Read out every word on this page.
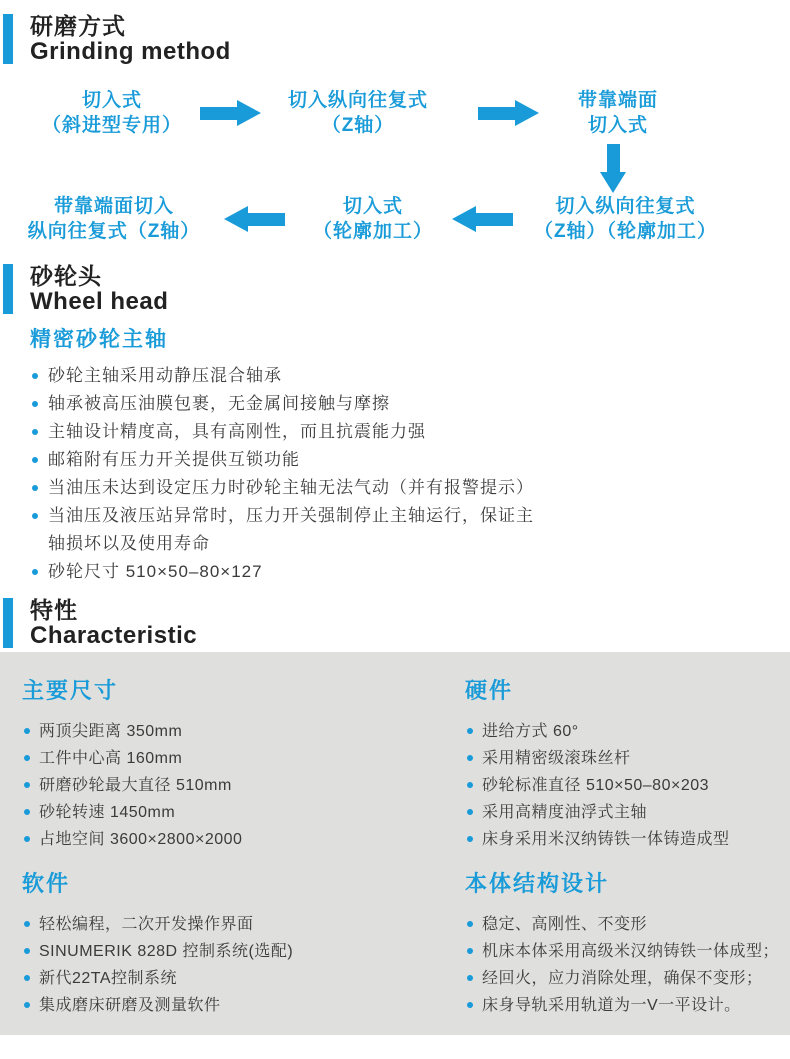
研磨方式
Grinding method
切入式
（斜进型专用）
切入纵向往复式
（Z轴）
带靠端面
切入式
带靠端面切入
纵向往复式（Z轴）
切入式
（轮廓加工）
切入纵向往复式
（Z轴）（轮廓加工）
砂轮头
Wheel head
精密砂轮主轴
砂轮主轴采用动静压混合轴承
轴承被高压油膜包裹，无金属间接触与摩擦
主轴设计精度高，具有高刚性，而且抗震能力强
邮箱附有压力开关提供互锁功能
当油压未达到设定压力时砂轮主轴无法气动（并有报警提示）
当油压及液压站异常时，压力开关强制停止主轴运行，保证主轴损坏以及使用寿命
砂轮尺寸 510×50–80×127
特性
Characteristic
主要尺寸
两顶尖距离 350mm
工件中心高 160mm
研磨砂轮最大直径 510mm
砂轮转速 1450mm
占地空间 3600×2800×2000
硬件
进给方式 60°
采用精密级滚珠丝杆
砂轮标准直径 510×50–80×203
采用高精度油浮式主轴
床身采用米汉纳铸铁一体铸造成型
软件
轻松编程，二次开发操作界面
SINUMERIK 828D 控制系统(选配)
新代22TA控制系统
集成磨床研磨及测量软件
本体结构设计
稳定、高刚性、不变形
机床本体采用高级米汉纳铸铁一体成型；
经回火，应力消除处理，确保不变形；
床身导轨采用轨道为一V一平设计。
